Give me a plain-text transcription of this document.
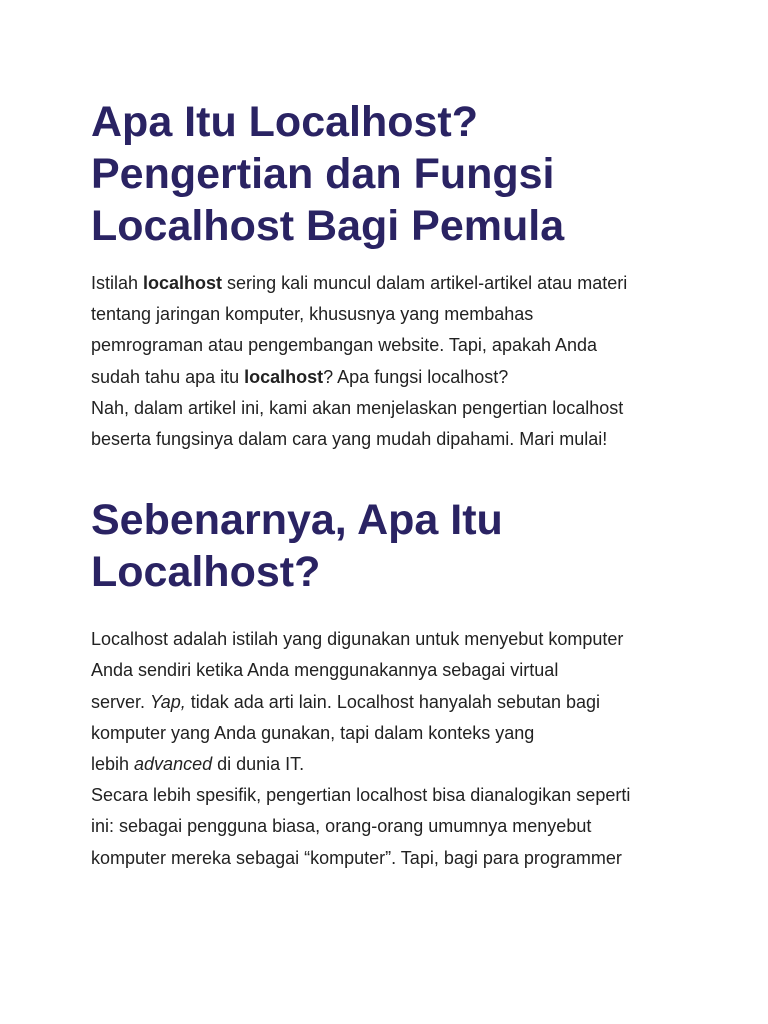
Apa Itu Localhost?
Pengertian dan Fungsi
Localhost Bagi Pemula

Istilah localhost sering kali muncul dalam artikel-artikel atau materi
tentang jaringan komputer, khususnya yang membahas
pemrograman atau pengembangan website. Tapi, apakah Anda
sudah tahu apa itu localhost? Apa fungsi localhost?
Nah, dalam artikel ini, kami akan menjelaskan pengertian localhost
beserta fungsinya dalam cara yang mudah dipahami. Mari mulai!

Sebenarnya, Apa Itu
Localhost?

Localhost adalah istilah yang digunakan untuk menyebut komputer
Anda sendiri ketika Anda menggunakannya sebagai virtual
server. Yap, tidak ada arti lain. Localhost hanyalah sebutan bagi
komputer yang Anda gunakan, tapi dalam konteks yang
lebih advanced di dunia IT.
Secara lebih spesifik, pengertian localhost bisa dianalogikan seperti
ini: sebagai pengguna biasa, orang-orang umumnya menyebut
komputer mereka sebagai “komputer”. Tapi, bagi para programmer
